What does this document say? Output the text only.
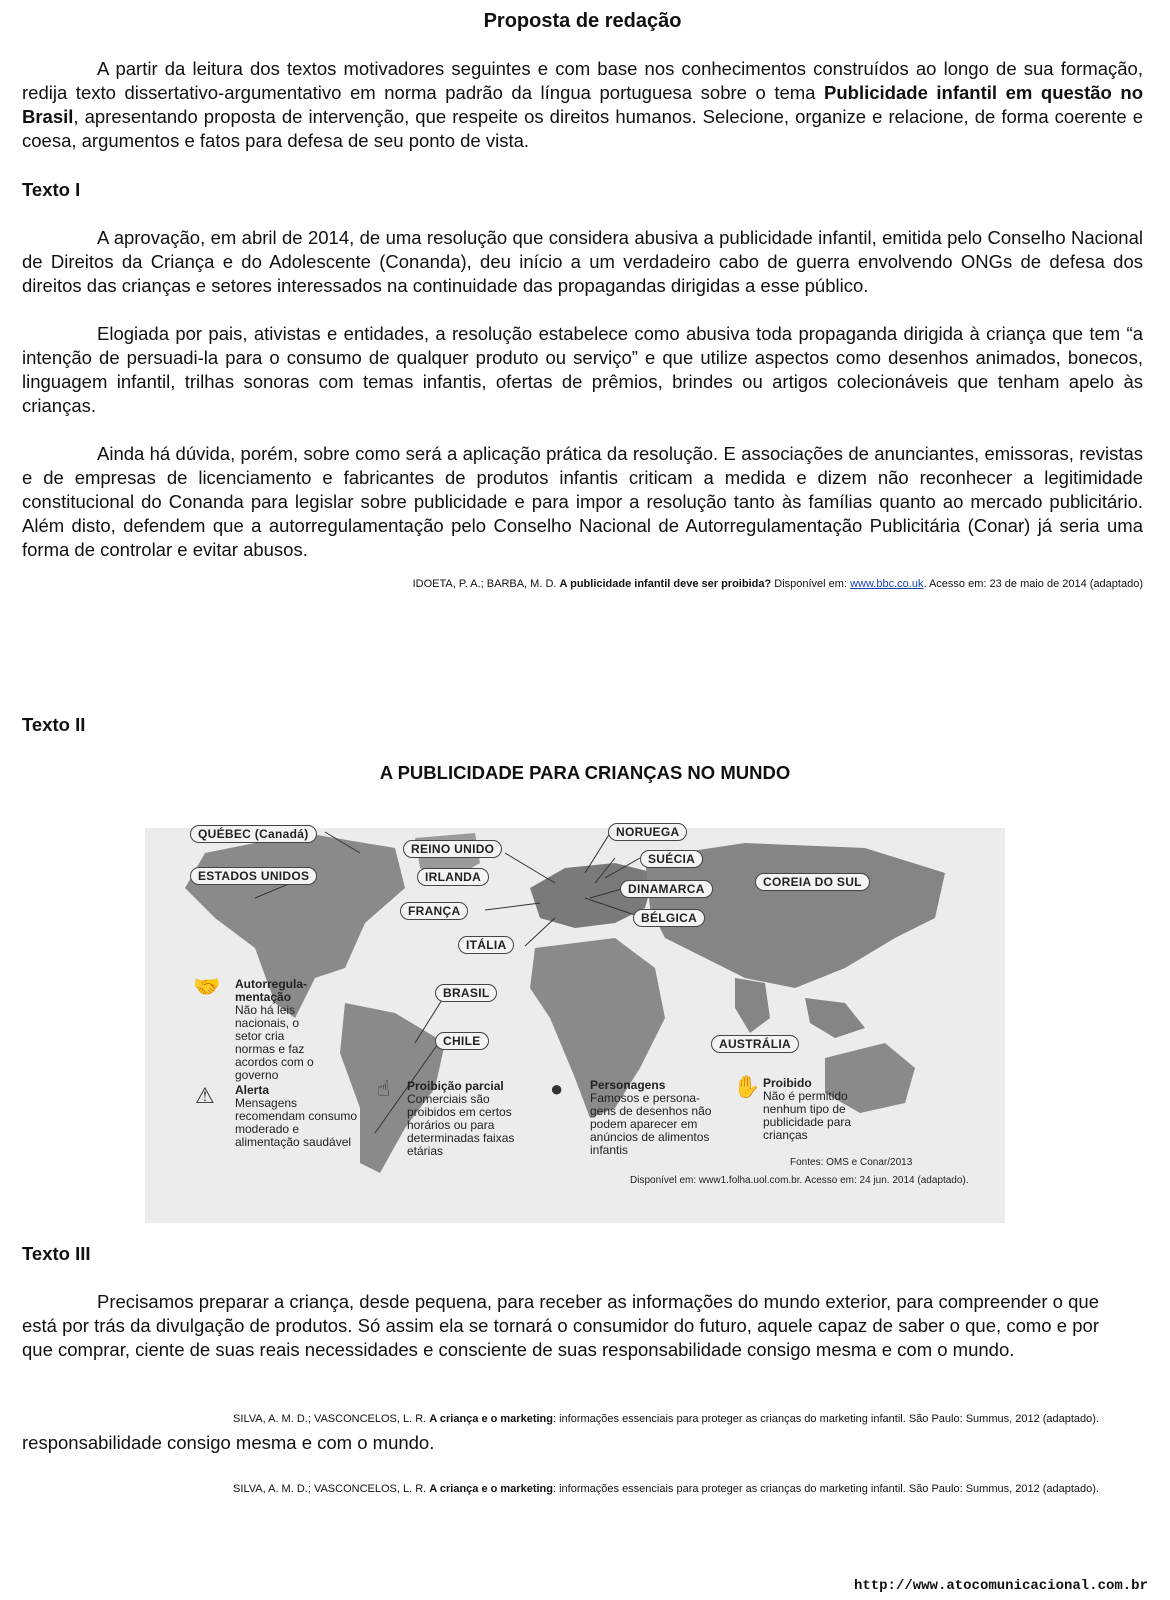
Proposta de redação

A partir da leitura dos textos motivadores seguintes e com base nos conhecimentos construídos ao longo de sua formação, redija texto dissertativo-argumentativo em norma padrão da língua portuguesa sobre o tema Publicidade infantil em questão no Brasil, apresentando proposta de intervenção, que respeite os direitos humanos. Selecione, organize e relacione, de forma coerente e coesa, argumentos e fatos para defesa de seu ponto de vista.

Texto I

A aprovação, em abril de 2014, de uma resolução que considera abusiva a publicidade infantil, emitida pelo Conselho Nacional de Direitos da Criança e do Adolescente (Conanda), deu início a um verdadeiro cabo de guerra envolvendo ONGs de defesa dos direitos das crianças e setores interessados na continuidade das propagandas dirigidas a esse público.

Elogiada por pais, ativistas e entidades, a resolução estabelece como abusiva toda propaganda dirigida à criança que tem “a intenção de persuadi-la para o consumo de qualquer produto ou serviço” e que utilize aspectos como desenhos animados, bonecos, linguagem infantil, trilhas sonoras com temas infantis, ofertas de prêmios, brindes ou artigos colecionáveis que tenham apelo às crianças.

Ainda há dúvida, porém, sobre como será a aplicação prática da resolução. E associações de anunciantes, emissoras, revistas e de empresas de licenciamento e fabricantes de produtos infantis criticam a medida e dizem não reconhecer a legitimidade constitucional do Conanda para legislar sobre publicidade e para impor a resolução tanto às famílias quanto ao mercado publicitário. Além disto, defendem que a autorregulamentação pelo Conselho Nacional de Autorregulamentação Publicitária (Conar) já seria uma forma de controlar e evitar abusos.

IDOETA, P. A.; BARBA, M. D. A publicidade infantil deve ser proibida? Disponível em: www.bbc.co.uk. Acesso em: 23 de maio de 2014 (adaptado)

Texto II

A PUBLICIDADE PARA CRIANÇAS NO MUNDO
QUÉBEC (Canadá)
REINO UNIDO
ESTADOS UNIDOS	IRLANDA
FRANÇA
ITÁLIA
NORUEGA
SUÉCIA
DINAMARCA
BÉLGICA
COREIA DO SUL
BRASIL
CHILE	AUSTRÁLIA
🤝 Autorregula-
mentação
Não há leis nacionais, o setor cria normas e faz acordos com o governo
⚠ Alerta
Mensagens recomendam consumo moderado e alimentação saudável
☝ Proibição parcial
Comerciais são proibidos em certos horários ou para determinadas faixas etárias
● Personagens
Famosos e persona-gens de desenhos não podem aparecer em anúncios de alimentos infantis
✋ Proibido
Não é permitido nenhum tipo de publicidade para crianças
Fontes: OMS e Conar/2013
Disponível em: www1.folha.uol.com.br. Acesso em: 24 jun. 2014 (adaptado).

Texto III

Precisamos preparar a criança, desde pequena, para receber as informações do mundo exterior, para compreender o que está por trás da divulgação de produtos. Só assim ela se tornará o consumidor do futuro, aquele capaz de saber o que, como e por que comprar, ciente de suas reais necessidades e consciente de suas responsabilidade consigo mesma e com o mundo.

SILVA, A. M. D.; VASCONCELOS, L. R. A criança e o marketing: informações essenciais para proteger as crianças do marketing infantil. São Paulo: Summus, 2012 (adaptado).

responsabilidade consigo mesma e com o mundo.

SILVA, A. M. D.; VASCONCELOS, L. R. A criança e o marketing: informações essenciais para proteger as crianças do marketing infantil. São Paulo: Summus, 2012 (adaptado).

http://www.atocomunicacional.com.br
